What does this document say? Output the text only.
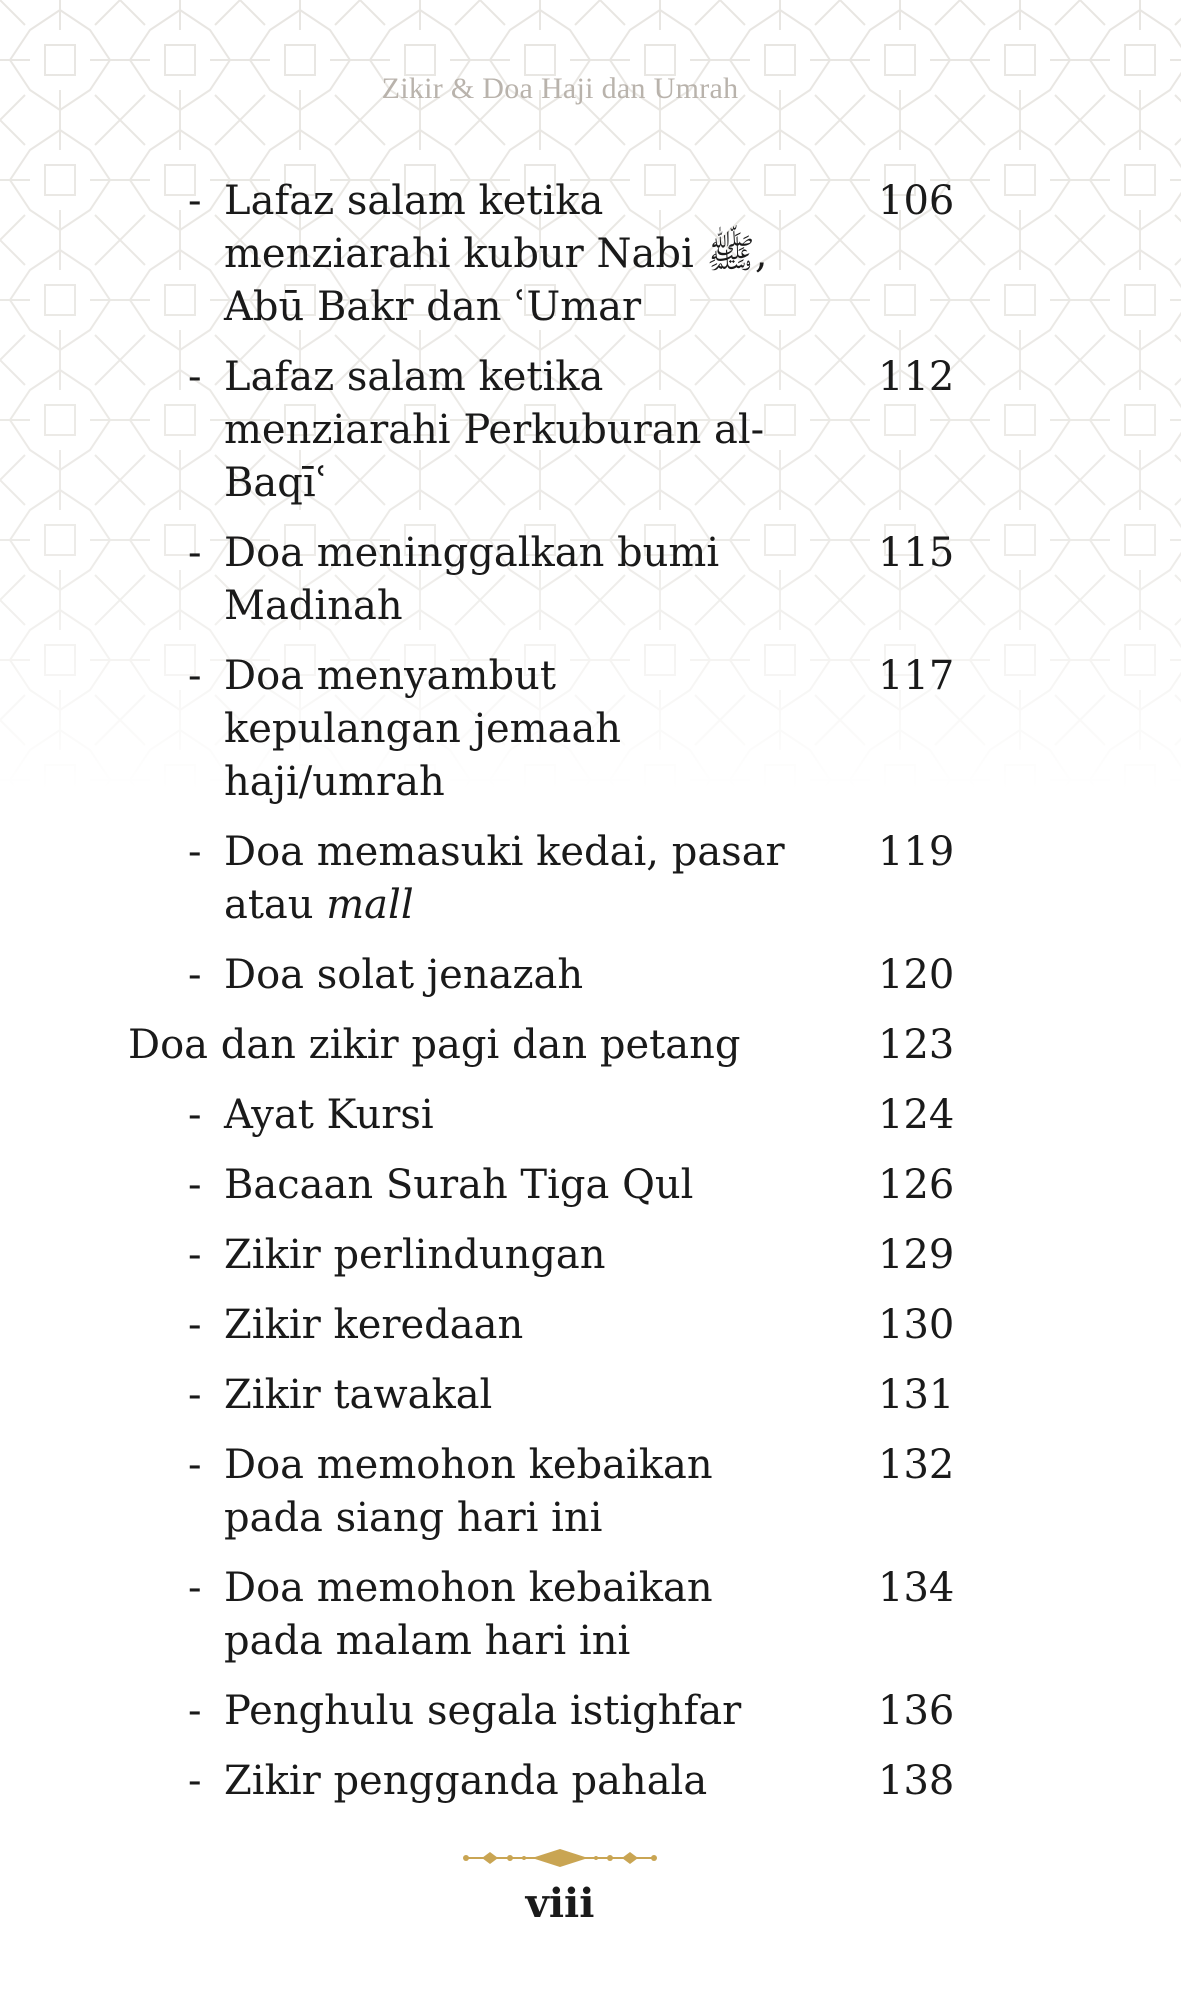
Zikir & Doa Haji dan Umrah
- Lafaz salam ketika menziarahi kubur Nabi ﷺ, Abū Bakr dan ʿUmar
106
- Lafaz salam ketika menziarahi Perkuburan al-Baqīʿ
112
- Doa meninggalkan bumi Madinah
115
- Doa menyambut kepulangan jemaah haji/umrah
117
- Doa memasuki kedai, pasar atau mall
119
- Doa solat jenazah	120
Doa dan zikir pagi dan petang	123
- Ayat Kursi	124
- Bacaan Surah Tiga Qul	126
- Zikir perlindungan	129
- Zikir keredaan	130
- Zikir tawakal	131
- Doa memohon kebaikan pada siang hari ini
132
- Doa memohon kebaikan pada malam hari ini
134
- Penghulu segala istighfar	136
- Zikir pengganda pahala	138
viii
